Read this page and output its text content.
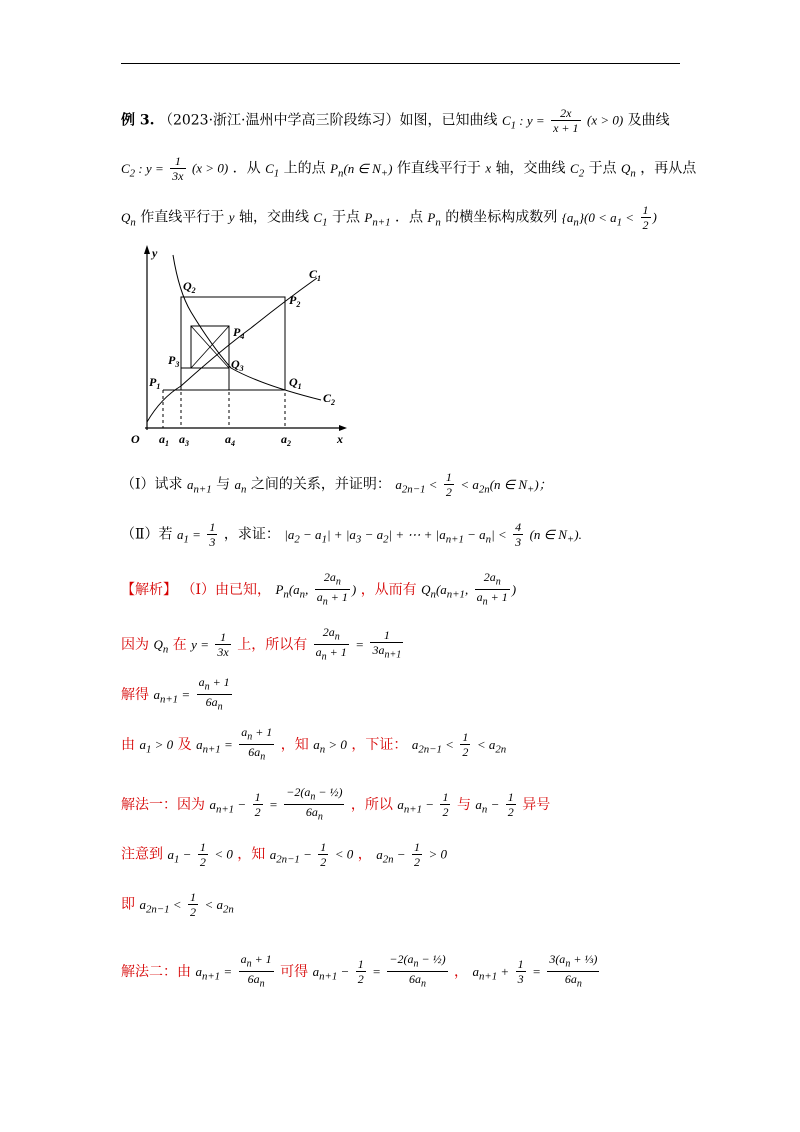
例 3. （2023·浙江·温州中学高三阶段练习）如图，已知曲线 $C_1$ : $y = \frac{2x}{x + 1} (x > 0)$ 及曲线
$C_2$ : $y = \frac{1}{3x} (x > 0)$ ．从 $C_1$ 上的点 $P_n(n$ ∈ $N_+$) 作直线平行于 x 轴，交曲线 $C_2$ 于点 $Q_n$ ，再从点
$Q_n$ 作直线平行于 y 轴，交曲线 $C_1$ 于点 $P_{n+1}$ ．点 $P_n$ 的横坐标构成数列 $\{a_n\}(0 < a_1 < \frac{1}{2}$ )
y
x
O
$C_1$
$C_2$
$Q_2$
$P_2$
$P_4$
$P_3$	$Q_3$
$P_1$	$Q_1$
$a_1$ $a_3$	$a_4$	$a_2$
（Ⅰ）试求 $a_{n+1}$ 与 $a_n$ 之间的关系，并证明： $a_{2n-1} < \frac{1}{2} < a_{2n}(n$ ∈ $N_+$)；
（Ⅱ）若 $a_1 = \frac{1}{3}$ ，求证： $|a_2 - a_1| + |a_3 - a_2|$ + ⋯ + $|a_{n+1} - a_n| < \frac{4}{3} (n$ ∈ $N_+$).
【解析】 （Ⅰ）由已知， $P_n(a_n$, $\frac{2a_n}{a_n + 1}$ ) ，从而有 $Q_n(a_{n+1}$, $\frac{2a_n}{a_n + 1}$ )
因为 $Q_n$ 在 $y = \frac{1}{3x}$ 上，所以有 $\frac{2a_n}{a_n + 1} = \frac{1}{3a_{n+1}}$
解得 $a_{n+1} = \frac{a_n + 1}{6a_n}$
由 $a_1 > 0$ 及 $a_{n+1} = \frac{a_n + 1}{6a_n}$ ，知 $a_n > 0$ ，下证： $a_{2n-1} < \frac{1}{2} < a_{2n}$
解法一：因为 $a_{n+1} - \frac{1}{2} = \frac{-2(a_n - \frac{1}{2})}{6a_n}$ ，所以 $a_{n+1} - \frac{1}{2}$ 与 $a_n - \frac{1}{2}$ 异号
注意到 $a_1 - \frac{1}{2} < 0$ ，知 $a_{2n-1} - \frac{1}{2} < 0$ ， $a_{2n} - \frac{1}{2} > 0$
即 $a_{2n-1} < \frac{1}{2} < a_{2n}$
解法二：由 $a_{n+1} = \frac{a_n + 1}{6a_n}$ 可得 $a_{n+1} - \frac{1}{2} = \frac{-2(a_n - \frac{1}{2})}{6a_n}$ ， $a_{n+1} + \frac{1}{3} = \frac{3(a_n + \frac{1}{3})}{6a_n}$
